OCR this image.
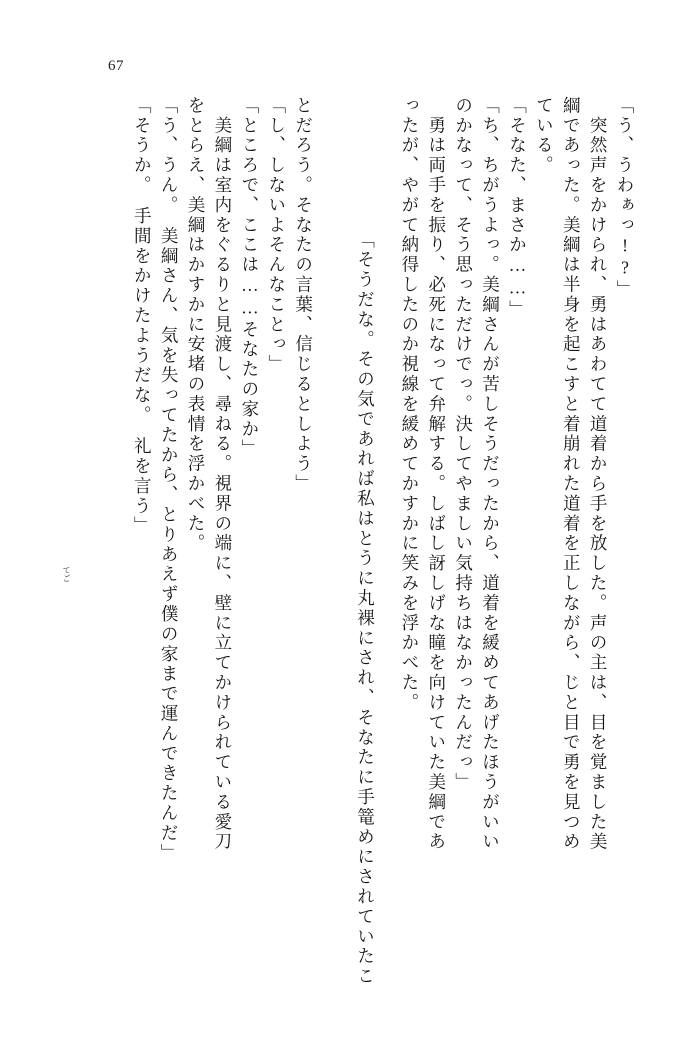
67
「う、うわぁっ!?」
　突然声をかけられ、勇はあわてて道着から手を放した。声の主は、目を覚ました美
綱であった。美綱は半身を起こすと着崩れた道着を正しながら、じと目で勇を見つめ
ている。
「そなた、まさか……」
「ち、ちがうよっ。美綱さんが苦しそうだったから、道着を緩めてあげたほうがいい
のかなって、そう思っただけでっ。決してやましい気持ちはなかったんだっ」
　勇は両手を振り、必死になって弁解する。しばし訝しげな瞳を向けていた美綱であ
ったが、やがて納得したのか視線を緩めてかすかに笑みを浮かべた。

「そうだな。その気であれば私はとうに丸裸にされ、そなたに手篭めにされていたこ

てご

とだろう。そなたの言葉、信じるとしよう」
「し、しないよそんなことっ」
「ところで、ここは……そなたの家か」
　美綱は室内をぐるりと見渡し、尋ねる。視界の端に、壁に立てかけられている愛刀
をとらえ、美綱はかすかに安堵の表情を浮かべた。
「う、うん。　美綱さん、気を失ってたから、とりあえず僕の家まで運んできたんだ」
「そうか。　手間をかけたようだな。　礼を言う」
